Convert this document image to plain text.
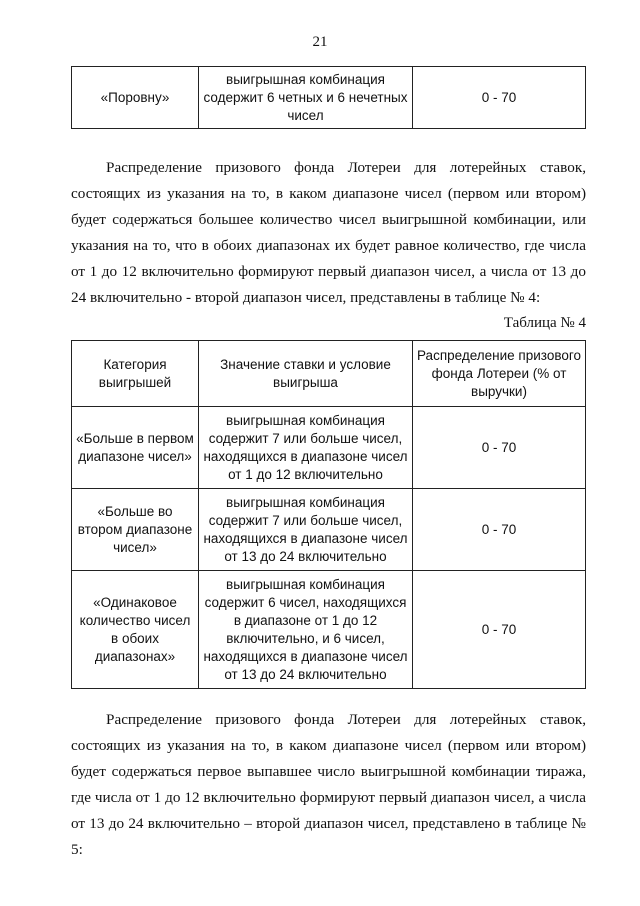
21
«Поровну»	выигрышная комбинация содержит 6 четных и 6 нечетных чисел	0 - 70

Распределение призового фонда Лотереи для лотерейных ставок, состоящих из указания на то, в каком диапазоне чисел (первом или втором) будет содержаться большее количество чисел выигрышной комбинации, или указания на то, что в обоих диапазонах их будет равное количество, где числа от 1 до 12 включительно формируют первый диапазон чисел, а числа от 13 до 24 включительно - второй диапазон чисел, представлены в таблице № 4:

Таблица № 4
Категория выигрышей	Значение ставки и условие выигрыша	Распределение призового фонда Лотереи (% от выручки)
«Больше в первом диапазоне чисел»	выигрышная комбинация содержит 7 или больше чисел, находящихся в диапазоне чисел от 1 до 12 включительно	0 - 70
«Больше во втором диапазоне чисел»	выигрышная комбинация содержит 7 или больше чисел, находящихся в диапазоне чисел от 13 до 24 включительно	0 - 70
«Одинаковое количество чисел в обоих диапазонах»	выигрышная комбинация содержит 6 чисел, находящихся в диапазоне от 1 до 12 включительно, и 6 чисел, находящихся в диапазоне чисел от 13 до 24 включительно	0 - 70

Распределение призового фонда Лотереи для лотерейных ставок, состоящих из указания на то, в каком диапазоне чисел (первом или втором) будет содержаться первое выпавшее число выигрышной комбинации тиража, где числа от 1 до 12 включительно формируют первый диапазон чисел, а числа от 13 до 24 включительно – второй диапазон чисел, представлено в таблице № 5:
